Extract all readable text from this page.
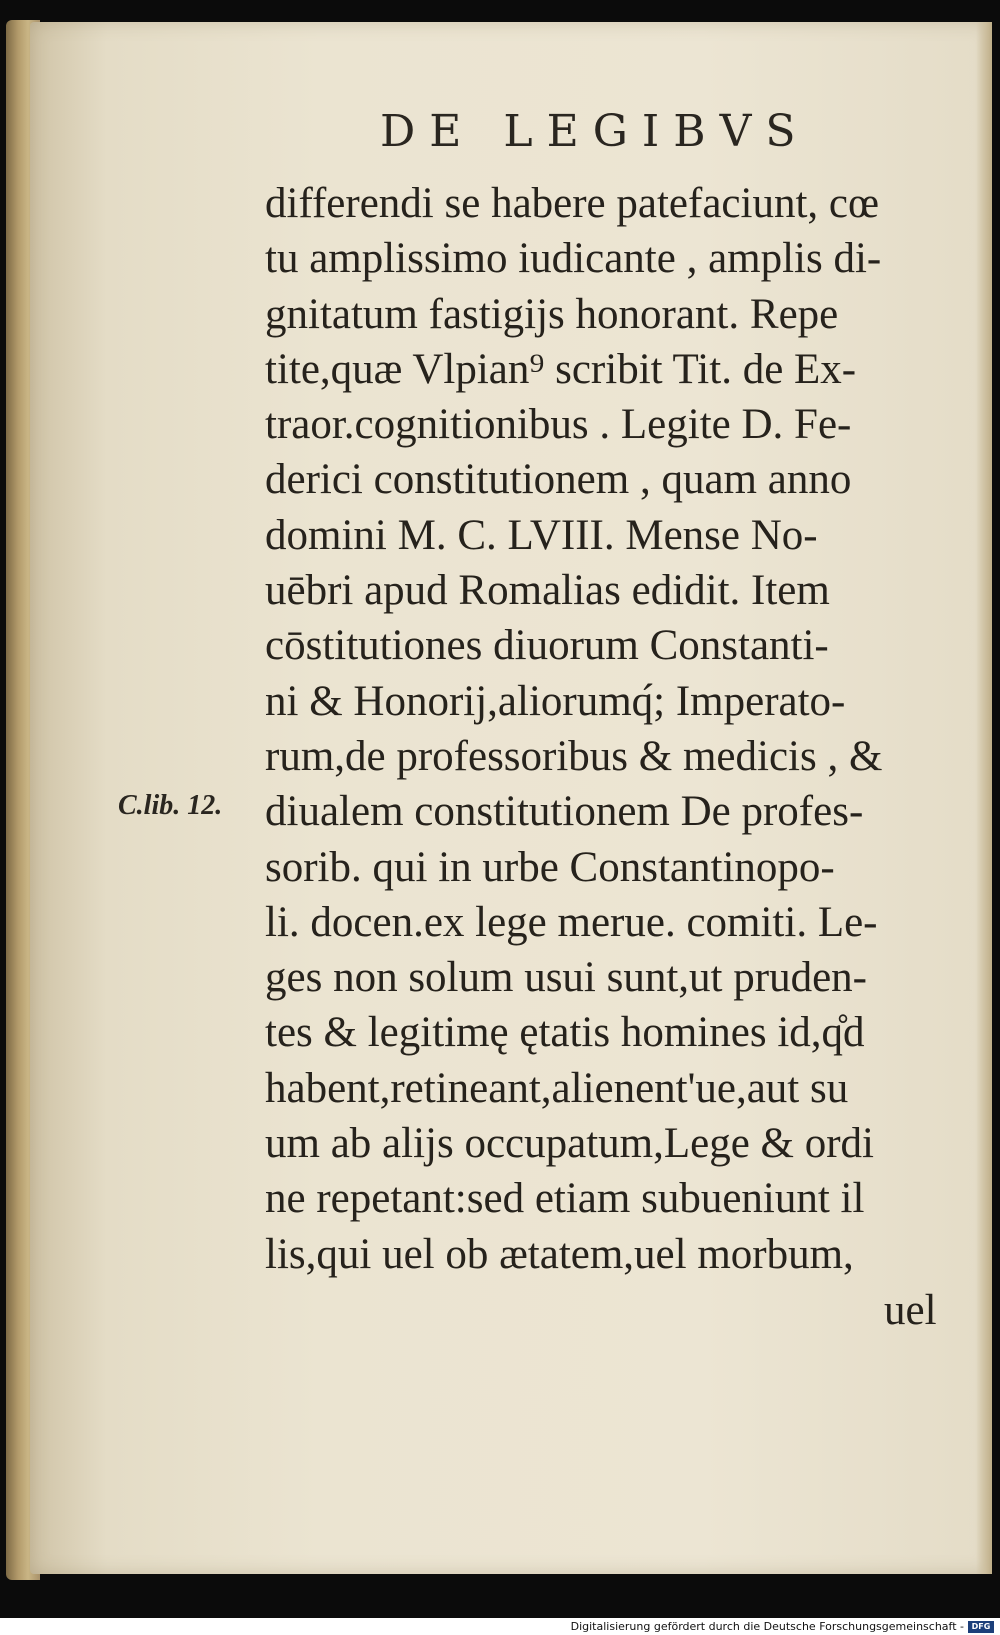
DE LEGIBVS
C.lib. 12.
differendi se habere patefaciunt, cœ
tu amplissimo iudicante , amplis di-
gnitatum fastigijs honorant. Repe
tite,quæ Vlpian⁹ scribit Tit. de Ex-
traor.cognitionibus . Legite D. Fe-
derici constitutionem , quam anno
domini M. C. LVIII. Mense No-
uēbri apud Romalias edidit. Item
cōstitutiones diuorum Constanti-
ni & Honorij,aliorumq́; Imperato-
rum,de professoribus & medicis , &
diualem constitutionem De profes-
sorib. qui in urbe Constantinopo-
li. docen.ex lege merue. comiti. Le-
ges non solum usui sunt,ut pruden-
tes & legitimę ętatis homines id,q̊d
habent,retineant,alienent'ue,aut su
um ab alijs occupatum,Lege & ordi
ne repetant:sed etiam subueniunt il
lis,qui uel ob ætatem,uel morbum,
uel
Digitalisierung gefördert durch die Deutsche Forschungsgemeinschaft - DFG
